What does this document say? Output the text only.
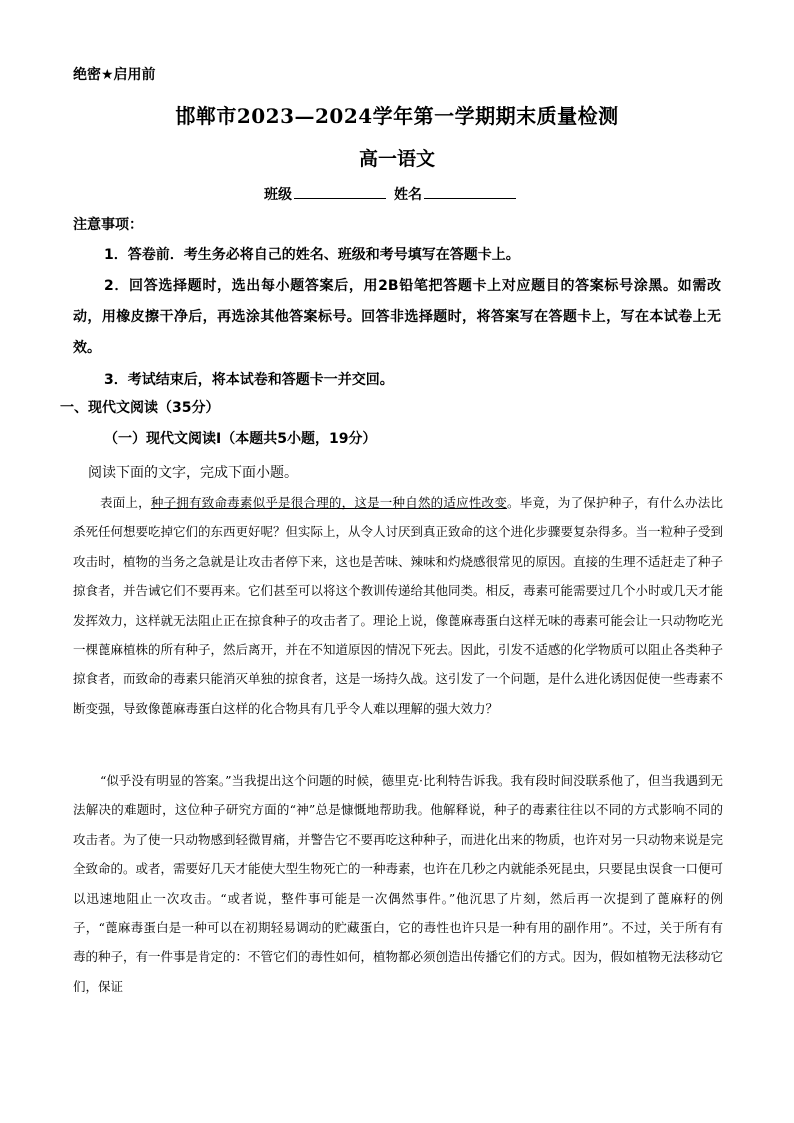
绝密★启用前
邯郸市2023—2024学年第一学期期末质量检测
高一语文
班级	姓名
注意事项：
1．答卷前．考生务必将自己的姓名、班级和考号填写在答题卡上。
2．回答选择题时，选出每小题答案后，用2B铅笔把答题卡上对应题目的答案标号涂黑。如需改动，用橡皮擦干净后，再选涂其他答案标号。回答非选择题时，将答案写在答题卡上，写在本试卷上无效。
3．考试结束后，将本试卷和答题卡一并交回。
一、现代文阅读（35分）
（一）现代文阅读Ⅰ（本题共5小题，19分）
阅读下面的文字，完成下面小题。
表面上，种子拥有致命毒素似乎是很合理的，这是一种自然的适应性改变。毕竟，为了保护种子，有什么办法比杀死任何想要吃掉它们的东西更好呢？但实际上，从令人讨厌到真正致命的这个进化步骤要复杂得多。当一粒种子受到攻击时，植物的当务之急就是让攻击者停下来，这也是苦味、辣味和灼烧感很常见的原因。直接的生理不适赶走了种子掠食者，并告诫它们不要再来。它们甚至可以将这个教训传递给其他同类。相反，毒素可能需要过几个小时或几天才能发挥效力，这样就无法阻止正在掠食种子的攻击者了。理论上说，像蓖麻毒蛋白这样无味的毒素可能会让一只动物吃光一棵蓖麻植株的所有种子，然后离开，并在不知道原因的情况下死去。因此，引发不适感的化学物质可以阻止各类种子掠食者，而致命的毒素只能消灭单独的掠食者，这是一场持久战。这引发了一个问题，是什么进化诱因促使一些毒素不断变强，导致像蓖麻毒蛋白这样的化合物具有几乎令人难以理解的强大效力？
“似乎没有明显的答案。”当我提出这个问题的时候，德里克·比利特告诉我。我有段时间没联系他了，但当我遇到无法解决的难题时，这位种子研究方面的“神”总是慷慨地帮助我。他解释说，种子的毒素往往以不同的方式影响不同的攻击者。为了使一只动物感到轻微胃痛，并警告它不要再吃这种种子，而进化出来的物质，也许对另一只动物来说是完全致命的。或者，需要好几天才能使大型生物死亡的一种毒素，也许在几秒之内就能杀死昆虫，只要昆虫误食一口便可以迅速地阻止一次攻击。“或者说，整件事可能是一次偶然事件。”他沉思了片刻，然后再一次提到了蓖麻籽的例子，“蓖麻毒蛋白是一种可以在初期轻易调动的贮藏蛋白，它的毒性也许只是一种有用的副作用”。不过，关于所有有毒的种子，有一件事是肯定的：不管它们的毒性如何，植物都必须创造出传播它们的方式。因为，假如植物无法移动它们，保证
